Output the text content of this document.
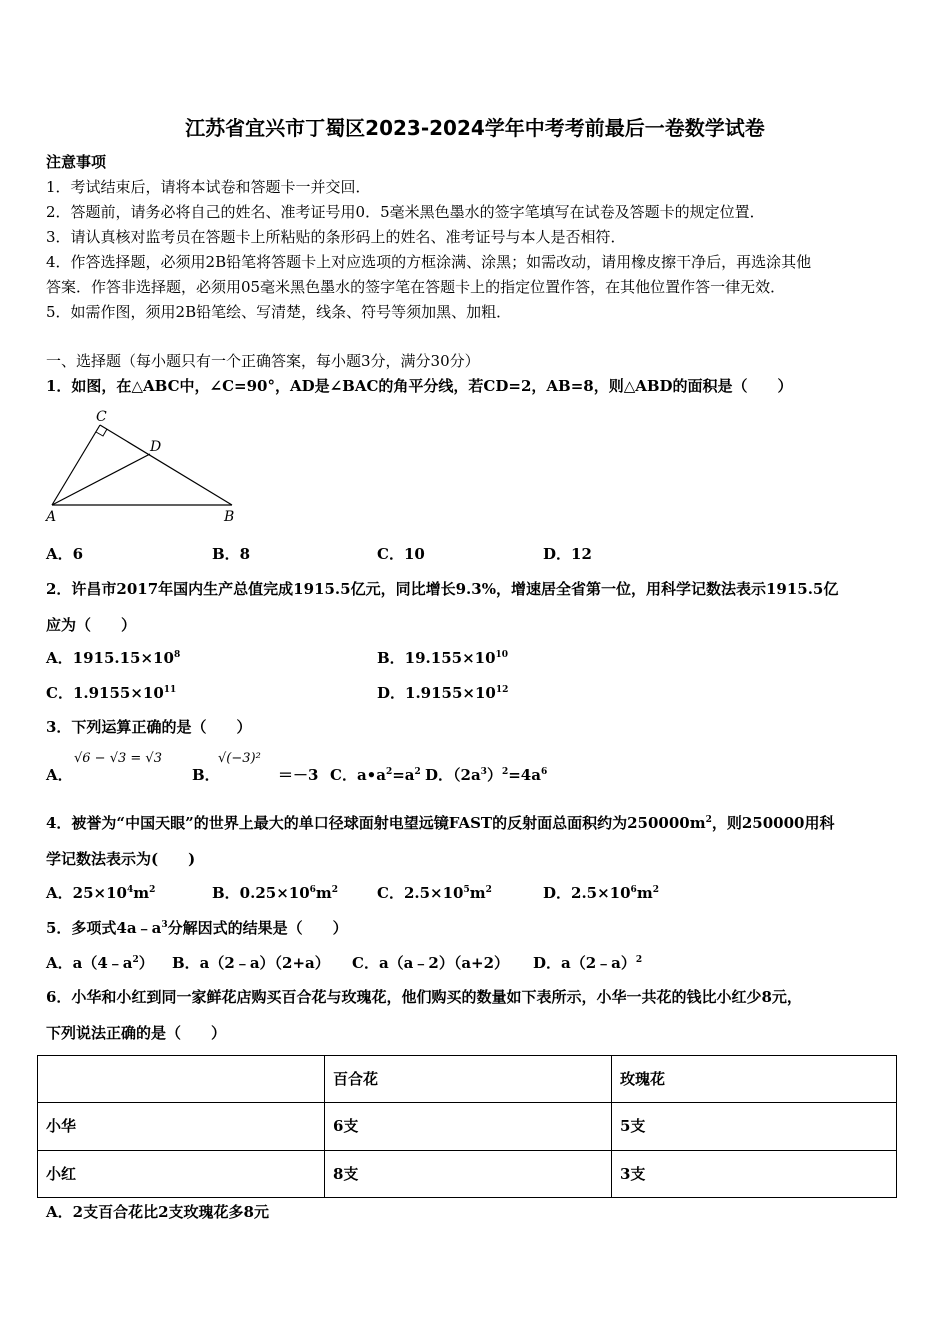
江苏省宜兴市丁蜀区2023-2024学年中考考前最后一卷数学试卷
注意事项
1．考试结束后，请将本试卷和答题卡一并交回．
2．答题前，请务必将自己的姓名、准考证号用0．5毫米黑色墨水的签字笔填写在试卷及答题卡的规定位置．
3．请认真核对监考员在答题卡上所粘贴的条形码上的姓名、准考证号与本人是否相符．
4．作答选择题，必须用2B铅笔将答题卡上对应选项的方框涂满、涂黑；如需改动，请用橡皮擦干净后，再选涂其他
答案．作答非选择题，必须用05毫米黑色墨水的签字笔在答题卡上的指定位置作答，在其他位置作答一律无效．
5．如需作图，须用2B铅笔绘、写清楚，线条、符号等须加黑、加粗．
一、选择题（每小题只有一个正确答案，每小题3分，满分30分）
1．如图，在△ABC中，∠C=90°，AD是∠BAC的角平分线，若CD=2，AB=8，则△ABD的面积是（　　）
C
D
A	B
A．6	B．8	C．10	D．12
2．许昌市2017年国内生产总值完成1915.5亿元，同比增长9.3%，增速居全省第一位，用科学记数法表示1915.5亿
应为（　　）
A．$1915.15\times 10^8$	B．$19.155\times 10^{10}$
C．$1.9155\times 10^{11}$	D．$1.9155\times 10^{12}$
3．下列运算正确的是（　　）
A．
√6 − √3 = √3
B．
√(−3)²
＝－3 C．$a•a^2=a^2$ D．$(2a^3)^2=4a^6$
4．被誉为“中国天眼”的世界上最大的单口径球面射电望远镜FAST的反射面总面积约为$250000m^2$，则250000用科
学记数法表示为(　　)
A．$25\times 10^4m^2$	B．$0.25\times 10^6m^2$	C．$2.5\times 10^5m^2$	D．$2.5\times 10^6m^2$
5．多项式$4a﹣a^3$分解因式的结果是（　　）
A．$a(4﹣a^2)$ B．a（2﹣a）（2+a） C．a（a﹣2）（a+2） D．a（2﹣a）$^2$
6．小华和小红到同一家鲜花店购买百合花与玫瑰花，他们购买的数量如下表所示，小华一共花的钱比小红少8元，
下列说法正确的是（　　）
	百合花	玫瑰花
小华	6支	5支
小红	8支	3支
A．2支百合花比2支玫瑰花多8元
